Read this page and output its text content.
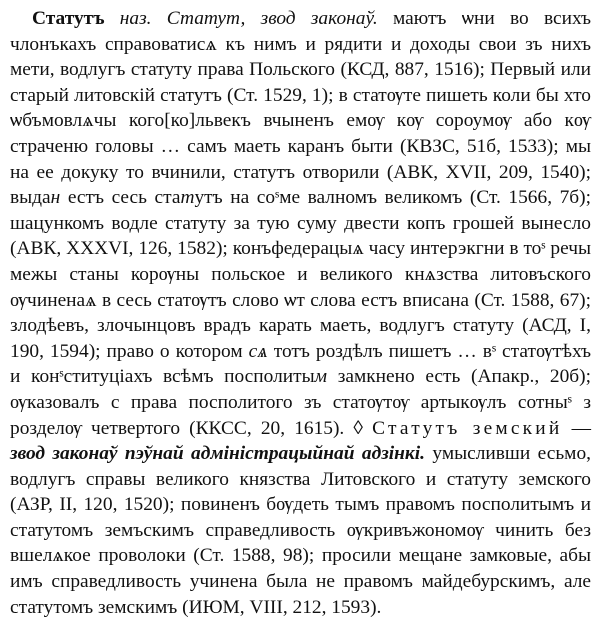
Статутъ наз. Статут, звод законаў. маютъ ѡни во всихъ члонъкахъ справоватисѧ къ нимъ и рядити и доходы свои зъ нихъ мети, водлугъ статуту права Польского (КСД, 887, 1516); Первый или старый литовскій статутъ (Ст. 1529, 1); в статѹте пишеть коли бы хто ѡбъмовлѧчы кого[ко]львекъ вчыненъ емѹ кѹ сороумѹ або кѹ страченю головы … самъ маеть каранъ быти (КВЗС, 51б, 1533); мы на ее докуку то вчинили, статутъ отворили (АВК, XVII, 209, 1540); выдан естъ сесь статутъ на соˢме валномъ великомъ (Ст. 1566, 7б); шацункомъ водле статуту за тую суму двести копъ грошей вынесло (АВК, XXXVI, 126, 1582); конъфедерацыѧ часу интерэкгни в тоˢ речы межы станы корѹны польское и великого кнѧзства литовъского ѹчиненаѧ в сесь статѹтъ слово ѡт слова естъ вписана (Ст. 1588, 67); злодѣевъ, злочынцовъ врадъ карать маеть, водлугъ статуту (АСД, І, 190, 1594); право о котором сѧ тотъ роздѣлъ пишетъ … вˢ статѹтѣхъ и конˢституціахъ всѣмъ посполитым замкнено есть (Апакр., 20б); ѹказовалъ с права посполитого зъ статѹтѹ артыкѹлъ сотныˢ з розделѹ четвертого (ККСС, 20, 1615). ◊ Статутъ земский — звод законаў пэўнай адміністрацыйнай адзінкі. умысливши есьмо, водлугъ справы великого князства Литовского и статуту земского (АЗР, ІІ, 120, 1520); повиненъ бѹдеть тымъ правомъ посполитымъ и статутомъ земъскимъ справедливость ѹкривъжономѹ чинить без вшелѧкое проволоки (Ст. 1588, 98); просили мещане замковые, абы имъ справедливость учинена была не правомъ майдебурскимъ, але статутомъ земскимъ (ИЮМ, VIII, 212, 1593).
